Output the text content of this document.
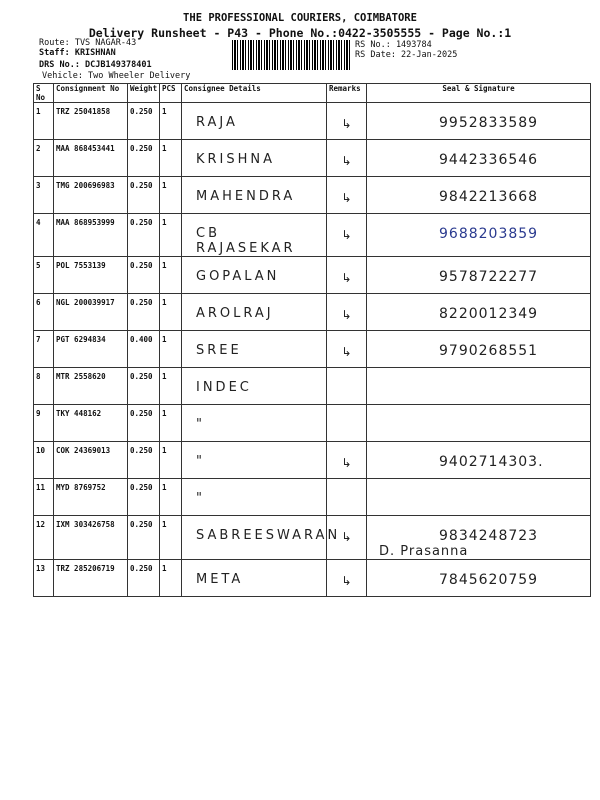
THE PROFESSIONAL COURIERS, COIMBATORE
Delivery Runsheet - P43 - Phone No.:0422-3505555 - Page No.:1
Route: TVS NAGAR-43
Staff: KRISHNAN
DRS No.: DCJB149378401
Vehicle: Two Wheeler Delivery
RS No.: 1493784
RS Date: 22-Jan-2025
S No	Consignment No	Weight	PCS	Consignee Details	Remarks	Seal & Signature
1	TRZ 25041858	0.250	1	RAJA	↳	9952833589

2	MAA 868453441	0.250	1	KRISHNA	↳	9442336546

3	TMG 200696983	0.250	1	MAHENDRA	↳	9842213668

4	MAA 868953999	0.250	1	CB RAJASEKAR	↳	9688203859

5	POL 7553139	0.250	1	GOPALAN	↳	9578722277

6	NGL 200039917	0.250	1	AROLRAJ	↳	8220012349

7	PGT 6294834	0.400	1	SREE	↳	9790268551

8	MTR 2558620	0.250	1	INDEC		

9	TKY 448162	0.250	1	"		

10	COK 24369013	0.250	1	"	↳	9402714303.

11	MYD 8769752	0.250	1	"		

12	IXM 303426758	0.250	1	SABREESWARAN	↳	9834248723
D. Prasanna

13	TRZ 285206719	0.250	1	META	↳	7845620759
